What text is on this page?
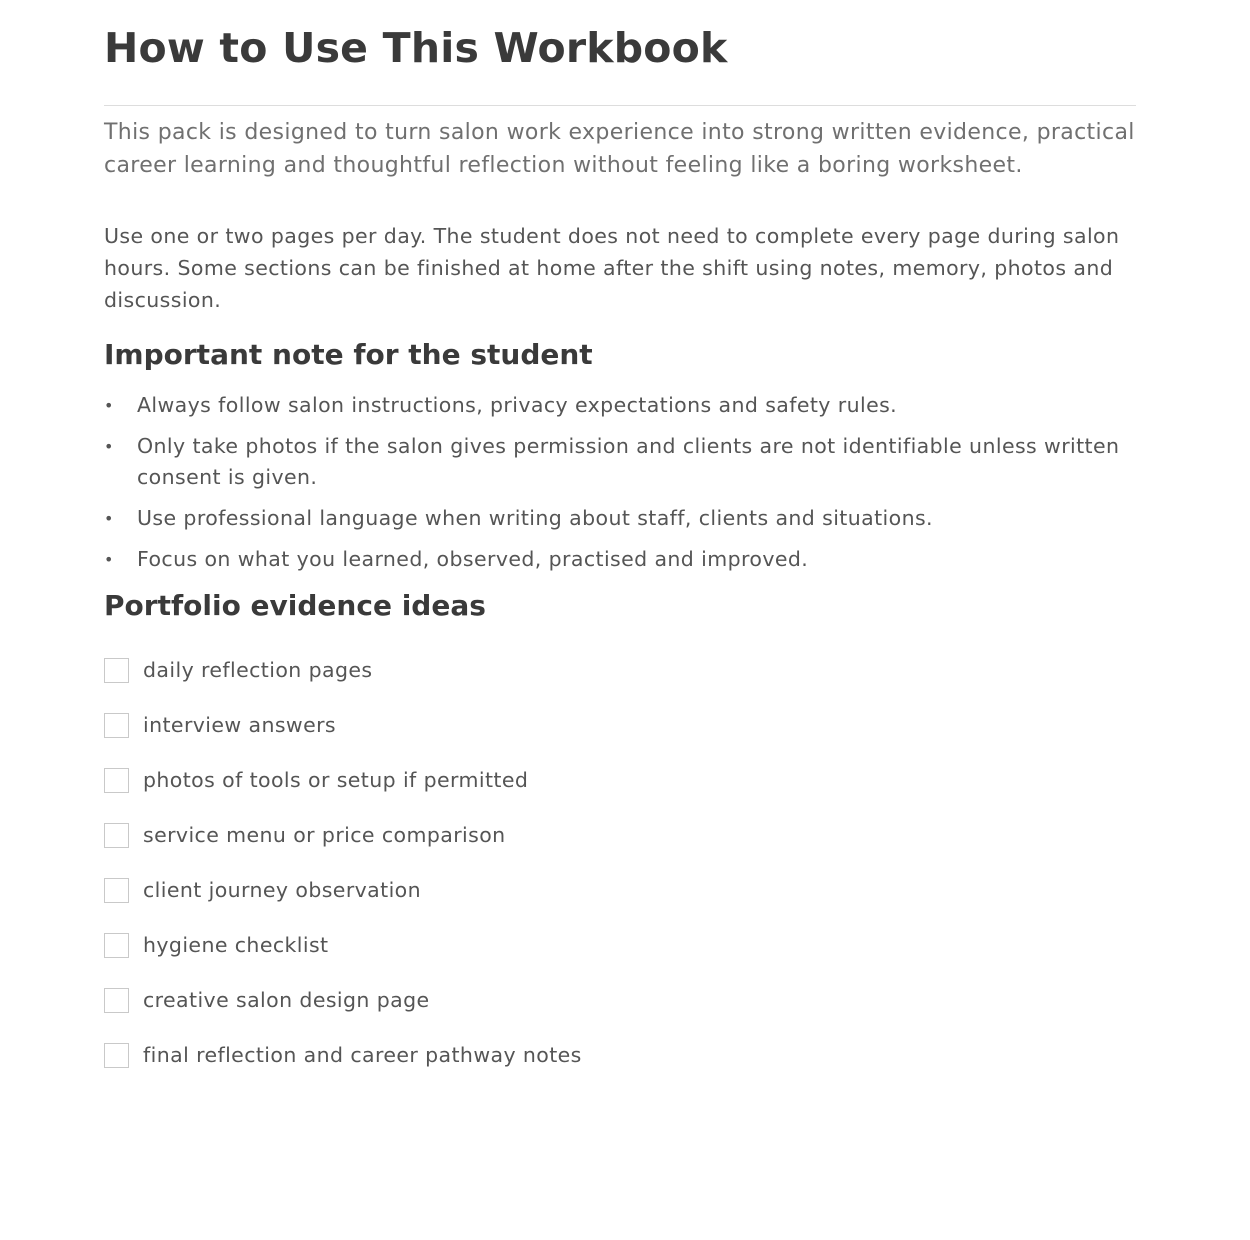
How to Use This Workbook

This pack is designed to turn salon work experience into strong written evidence, practical career learning and thoughtful reflection without feeling like a boring worksheet.

Use one or two pages per day. The student does not need to complete every page during salon hours. Some sections can be finished at home after the shift using notes, memory, photos and discussion.

Important note for the student
• Always follow salon instructions, privacy expectations and safety rules.
• Only take photos if the salon gives permission and clients are not identifiable unless written consent is given.
• Use professional language when writing about staff, clients and situations.
• Focus on what you learned, observed, practised and improved.
Portfolio evidence ideas
daily reflection pages
interview answers
photos of tools or setup if permitted
service menu or price comparison
client journey observation
hygiene checklist
creative salon design page
final reflection and career pathway notes
